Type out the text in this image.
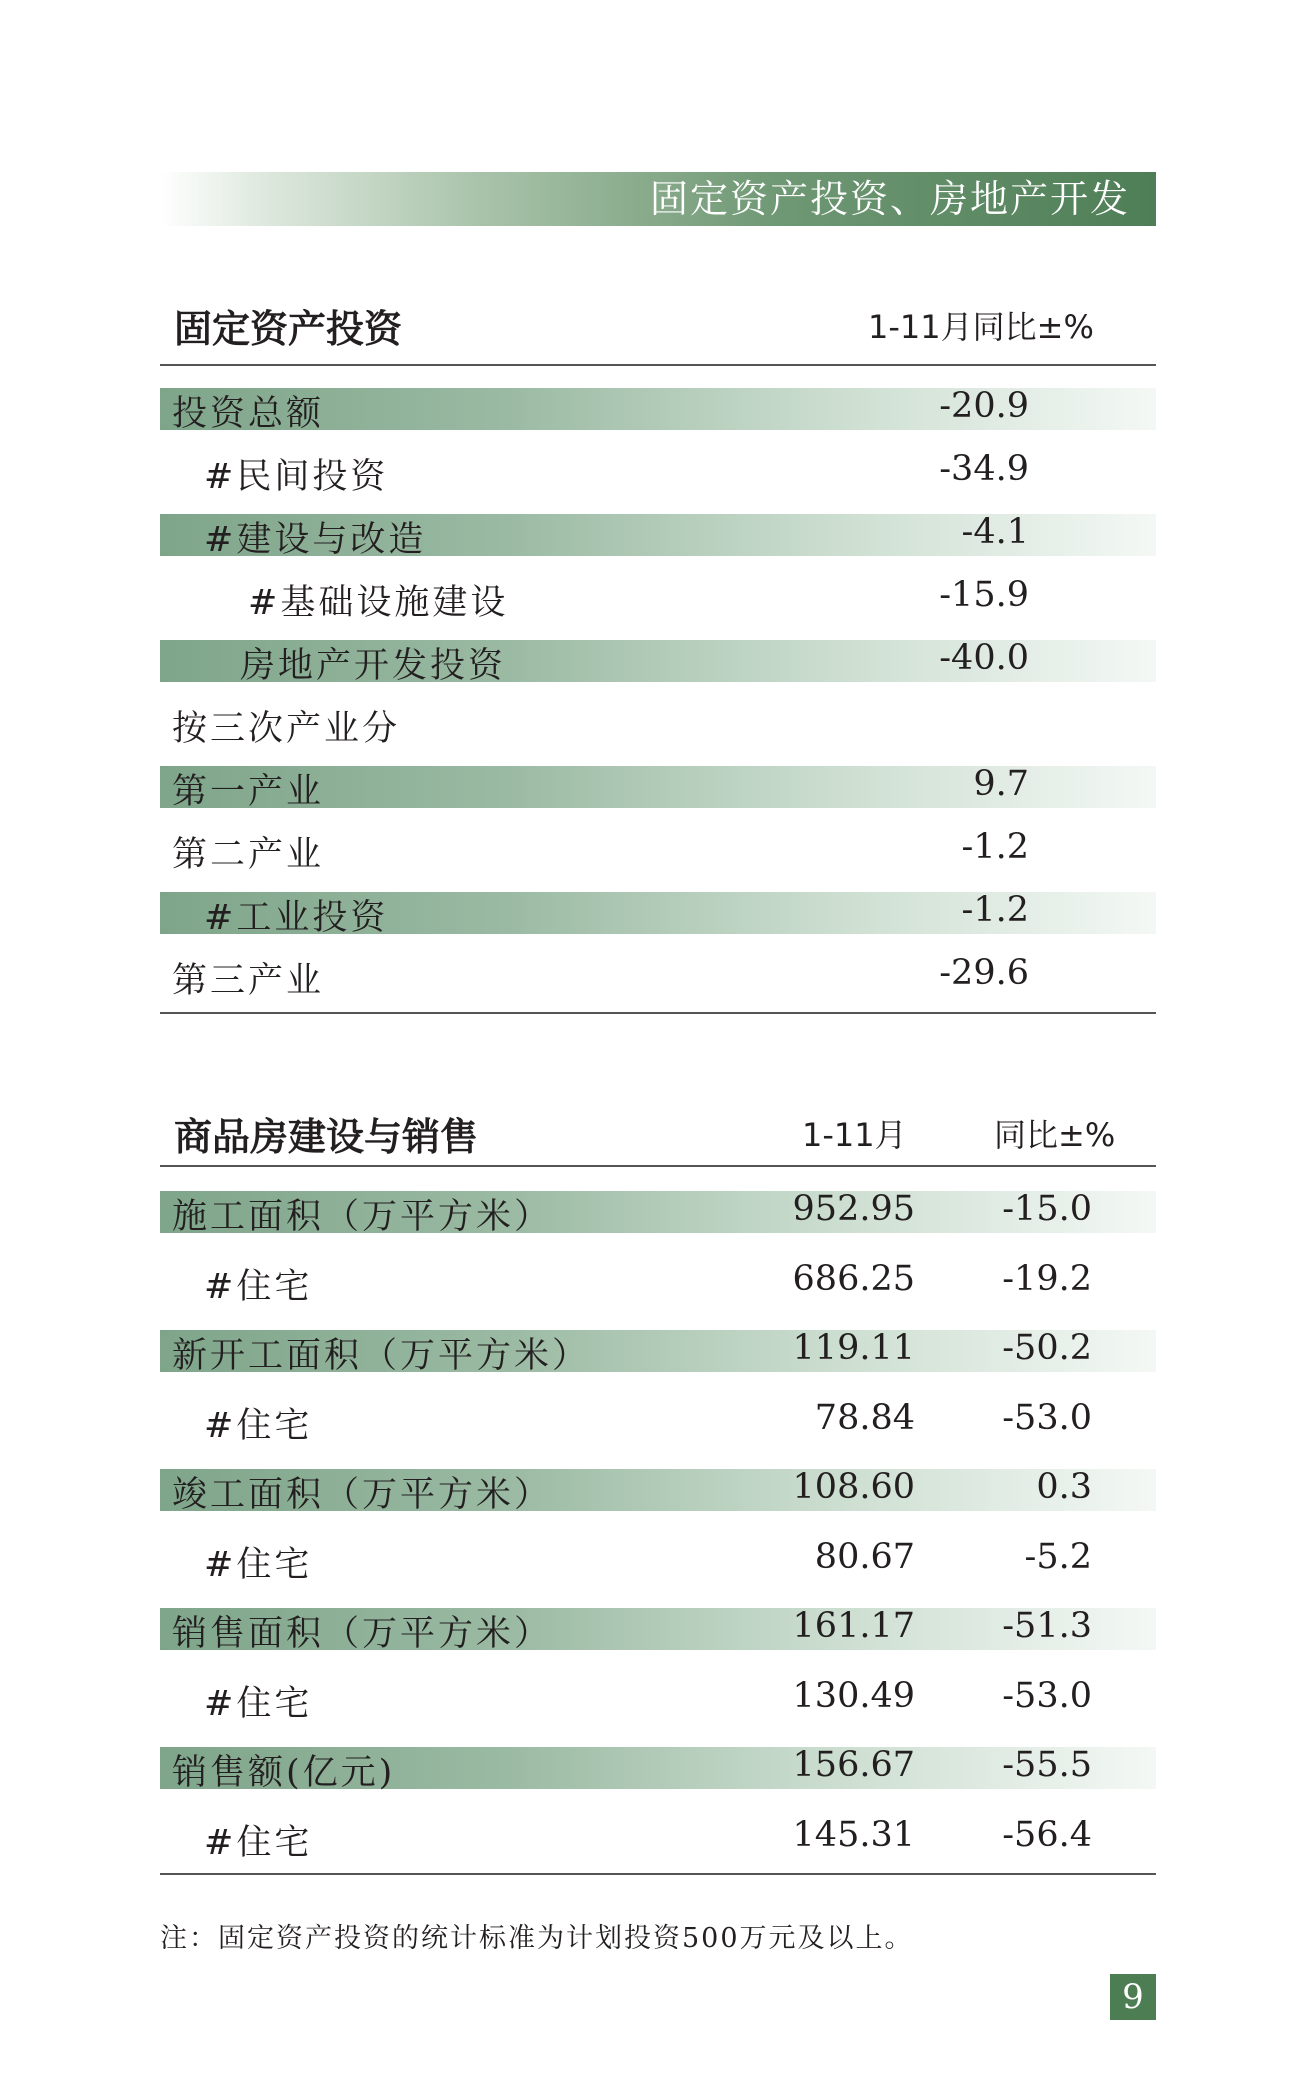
固定资产投资、房地产开发
固定资产投资	1-11月同比±%
投资总额	-20.9
#民间投资	-34.9
#建设与改造	-4.1
#基础设施建设	-15.9
房地产开发投资	-40.0
按三次产业分
第一产业	9.7
第二产业	-1.2
#工业投资	-1.2
第三产业	-29.6
商品房建设与销售	1-11月	同比±%
施工面积（万平方米）	952.95 -15.0
#住宅	686.25 -19.2
新开工面积（万平方米）	119.11 -50.2
#住宅	78.84 -53.0
竣工面积（万平方米）	108.60	0.3
#住宅	80.67	-5.2
销售面积（万平方米）	161.17 -51.3
#住宅	130.49 -53.0
销售额(亿元)	156.67 -55.5
#住宅	145.31 -56.4
注：固定资产投资的统计标准为计划投资500万元及以上。
9
